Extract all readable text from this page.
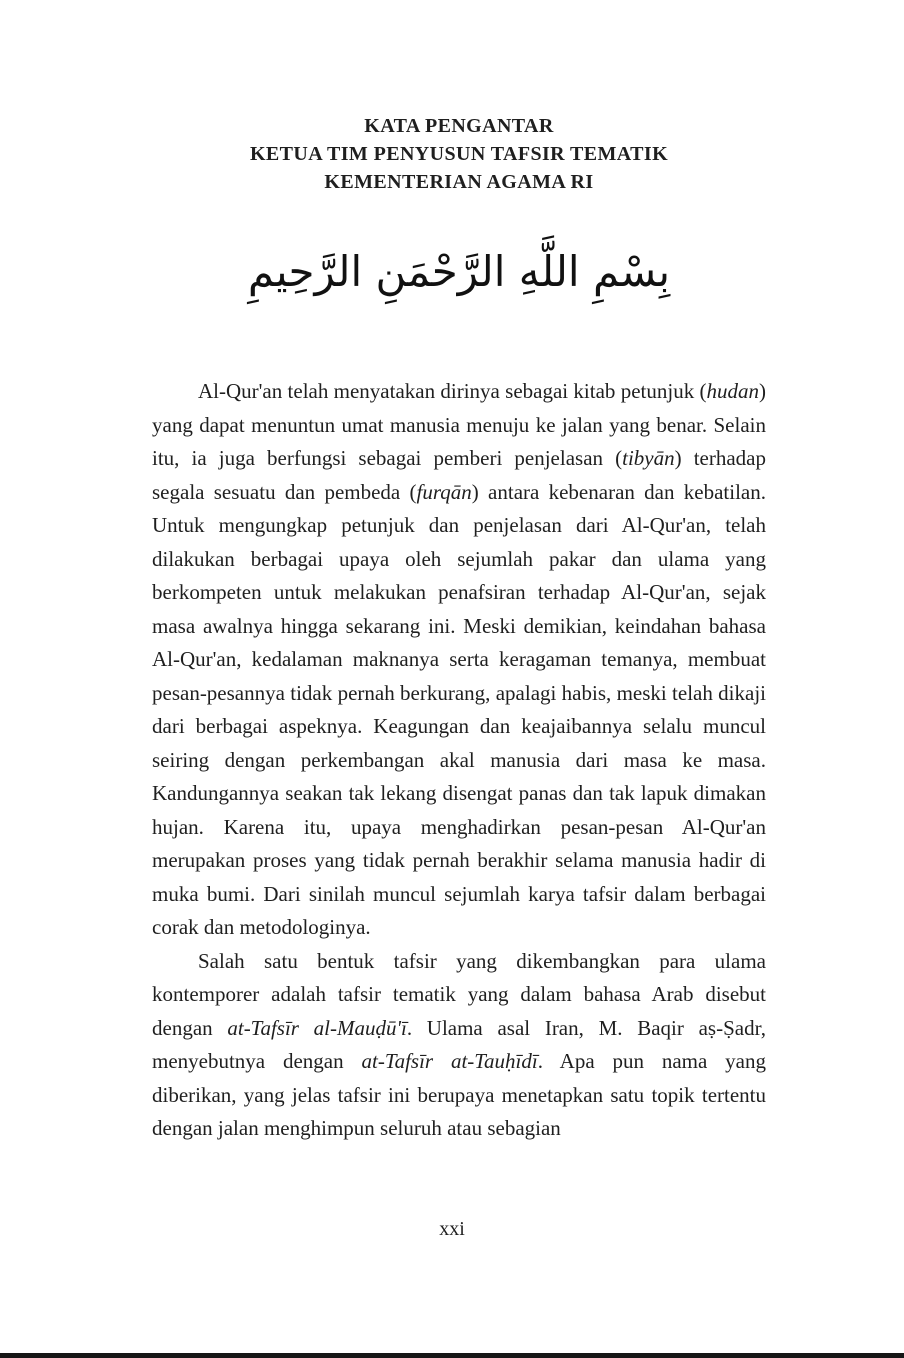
KATA PENGANTAR
KETUA TIM PENYUSUN TAFSIR TEMATIK
KEMENTERIAN AGAMA RI
بِسْمِ اللَّهِ الرَّحْمَنِ الرَّحِيمِ

Al-Qur'an telah menyatakan dirinya sebagai kitab petunjuk (hudan) yang dapat menuntun umat manusia menuju ke jalan yang benar. Selain itu, ia juga berfungsi sebagai pemberi penjelasan (tibyān) terhadap segala sesuatu dan pembeda (furqān) antara kebenaran dan kebatilan. Untuk mengungkap petunjuk dan penjelasan dari Al-Qur'an, telah dilakukan berbagai upaya oleh sejumlah pakar dan ulama yang berkompeten untuk melakukan penafsiran terhadap Al-Qur'an, sejak masa awalnya hingga sekarang ini. Meski demikian, keindahan bahasa Al-Qur'an, kedalaman maknanya serta keragaman temanya, membuat pesan-pesannya tidak pernah berkurang, apalagi habis, meski telah dikaji dari berbagai aspeknya. Keagungan dan keajaibannya selalu muncul seiring dengan perkembangan akal manusia dari masa ke masa. Kandungannya seakan tak lekang disengat panas dan tak lapuk dimakan hujan. Karena itu, upaya menghadirkan pesan-pesan Al-Qur'an merupakan proses yang tidak pernah berakhir selama manusia hadir di muka bumi. Dari sinilah muncul sejumlah karya tafsir dalam berbagai corak dan metodologinya.

Salah satu bentuk tafsir yang dikembangkan para ulama kontemporer adalah tafsir tematik yang dalam bahasa Arab disebut dengan at-Tafsīr al-Mauḍū'ī. Ulama asal Iran, M. Baqir aṣ-Ṣadr, menyebutnya dengan at-Tafsīr at-Tauḥīdī. Apa pun nama yang diberikan, yang jelas tafsir ini berupaya menetapkan satu topik tertentu dengan jalan menghimpun seluruh atau sebagian

xxi
